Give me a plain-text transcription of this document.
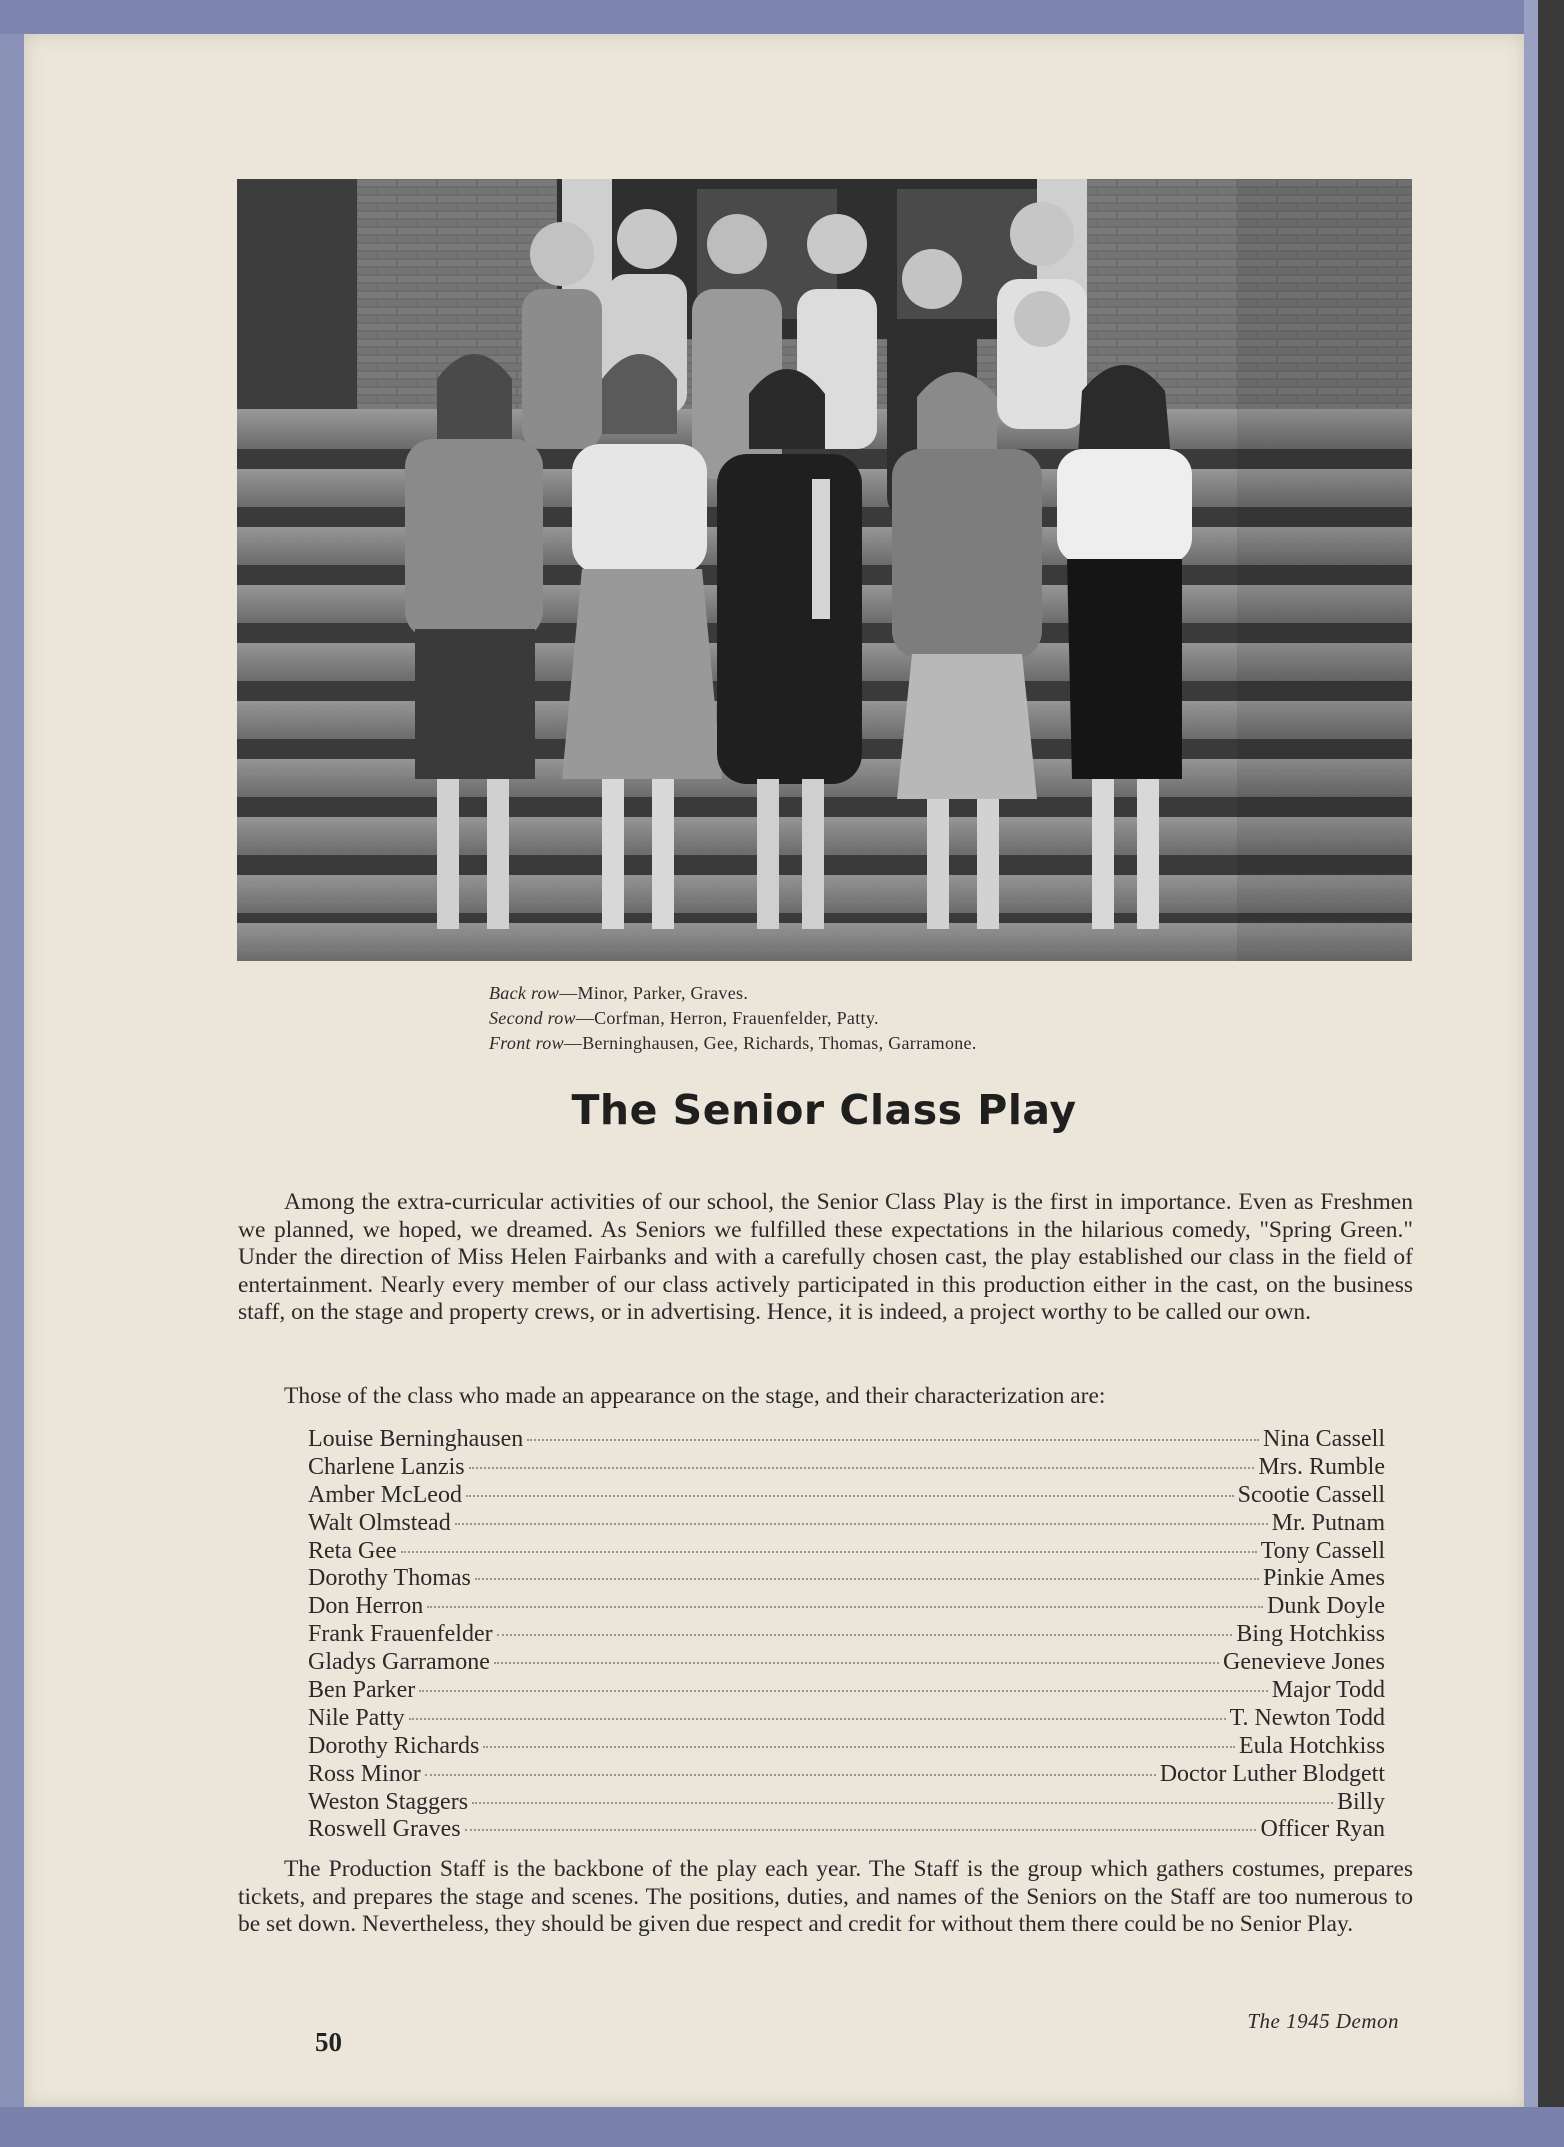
Back row—Minor, Parker, Graves.
Second row—Corfman, Herron, Frauenfelder, Patty.
Front row—Berninghausen, Gee, Richards, Thomas, Garramone.
The Senior Class Play

Among the extra-curricular activities of our school, the Senior Class Play is the first in importance. Even as Freshmen we planned, we hoped, we dreamed. As Seniors we fulfilled these expectations in the hilarious comedy, "Spring Green." Under the direction of Miss Helen Fairbanks and with a carefully chosen cast, the play established our class in the field of entertainment. Nearly every member of our class actively participated in this production either in the cast, on the business staff, on the stage and property crews, or in advertising. Hence, it is indeed, a project worthy to be called our own.

Those of the class who made an appearance on the stage, and their characterization are:

Louise Berninghausen	Nina Cassell
Charlene Lanzis	Mrs. Rumble
Amber McLeod	Scootie Cassell
Walt Olmstead	Mr. Putnam
Reta Gee	Tony Cassell
Dorothy Thomas	Pinkie Ames
Don Herron	Dunk Doyle
Frank Frauenfelder	Bing Hotchkiss
Gladys Garramone	Genevieve Jones
Ben Parker	Major Todd
Nile Patty	T. Newton Todd
Dorothy Richards	Eula Hotchkiss
Ross Minor	Doctor Luther Blodgett
Weston Staggers	Billy
Roswell Graves	Officer Ryan

The Production Staff is the backbone of the play each year. The Staff is the group which gathers costumes, prepares tickets, and prepares the stage and scenes. The positions, duties, and names of the Seniors on the Staff are too numerous to be set down. Nevertheless, they should be given due respect and credit for without them there could be no Senior Play.

50
The 1945 Demon
